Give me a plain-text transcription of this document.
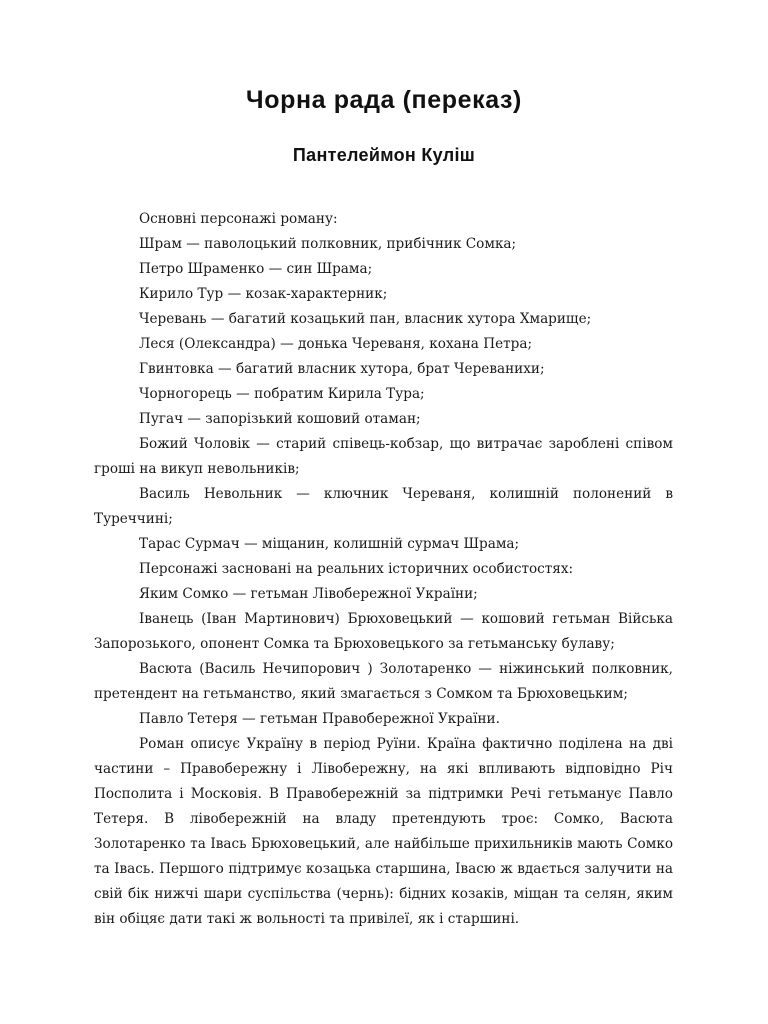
Чорна рада (переказ)
Пантелеймон Куліш

Основні персонажі роману:

Шрам — паволоцький полковник, прибічник Сомка;

Петро Шраменко — син Шрама;

Кирило Тур — козак-характерник;

Черевань — багатий козацький пан, власник хутора Хмарище;

Леся (Олександра) — донька Череваня, кохана Петра;

Гвинтовка — багатий власник хутора, брат Череванихи;

Чорногорець — побратим Кирила Тура;

Пугач — запорізький кошовий отаман;

Божий Чоловік — старий співець-кобзар, що витрачає зароблені співом гроші на викуп невольників;

Василь Невольник — ключник Череваня, колишній полонений в Туреччині;

Тарас Сурмач — міщанин, колишній сурмач Шрама;

Персонажі засновані на реальних історичних особистостях:

Яким Сомко — гетьман Лівобережної України;

Іванець (Іван Мартинович) Брюховецький — кошовий гетьман Війська Запорозького, опонент Сомка та Брюховецького за гетьманську булаву;

Васюта (Василь Нечипорович ) Золотаренко — ніжинський полковник, претендент на гетьманство, який змагається з Сомком та Брюховецьким;

Павло Тетеря — гетьман Правобережної України.

Роман описує Україну в період Руїни. Країна фактично поділена на дві частини – Правобережну і Лівобережну, на які впливають відповідно Річ Посполита і Московія. В Правобережній за підтримки Речі гетьманує Павло Тетеря. В лівобережній на владу претендують троє: Сомко, Васюта Золотаренко та Івась Брюховецький, але найбільше прихильників мають Сомко та Івась. Першого підтримує козацька старшина, Івасю ж вдається залучити на свій бік нижчі шари суспільства (чернь): бідних козаків, міщан та селян, яким він обіцяє дати такі ж вольності та привілеї, як і старшині.
